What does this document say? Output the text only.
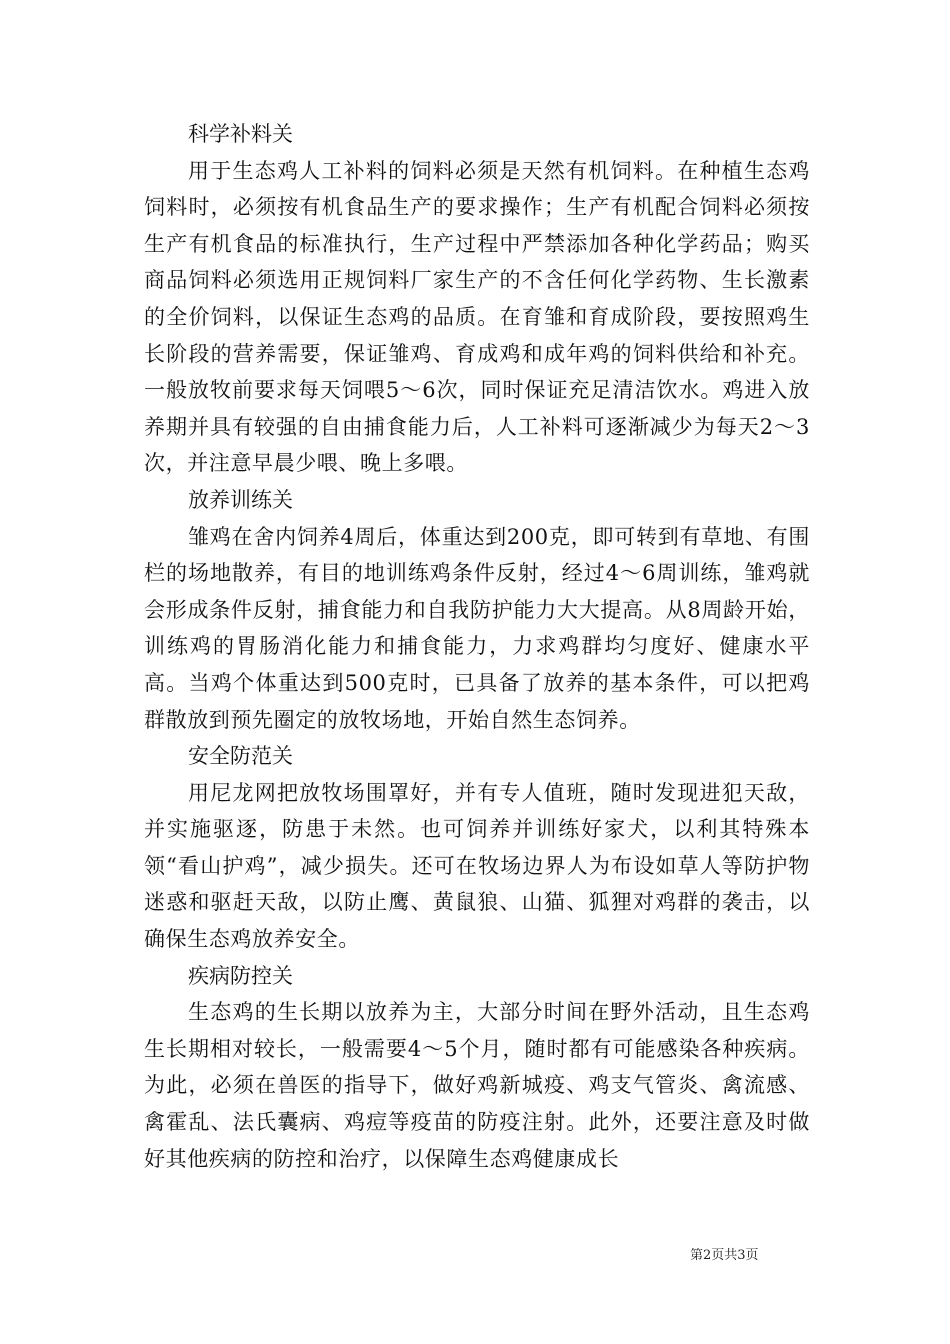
科学补料关

用于生态鸡人工补料的饲料必须是天然有机饲料。在种植生态鸡饲料时，必须按有机食品生产的要求操作；生产有机配合饲料必须按生产有机食品的标准执行，生产过程中严禁添加各种化学药品；购买商品饲料必须选用正规饲料厂家生产的不含任何化学药物、生长激素的全价饲料，以保证生态鸡的品质。在育雏和育成阶段，要按照鸡生长阶段的营养需要，保证雏鸡、育成鸡和成年鸡的饲料供给和补充。一般放牧前要求每天饲喂5～6次，同时保证充足清洁饮水。鸡进入放养期并具有较强的自由捕食能力后，人工补料可逐渐减少为每天2～3次，并注意早晨少喂、晚上多喂。

放养训练关

雏鸡在舍内饲养4周后，体重达到200克，即可转到有草地、有围栏的场地散养，有目的地训练鸡条件反射，经过4～6周训练，雏鸡就会形成条件反射，捕食能力和自我防护能力大大提高。从8周龄开始，训练鸡的胃肠消化能力和捕食能力，力求鸡群均匀度好、健康水平高。当鸡个体重达到500克时，已具备了放养的基本条件，可以把鸡群散放到预先圈定的放牧场地，开始自然生态饲养。

安全防范关

用尼龙网把放牧场围罩好，并有专人值班，随时发现进犯天敌，并实施驱逐，防患于未然。也可饲养并训练好家犬，以利其特殊本领“看山护鸡”，减少损失。还可在牧场边界人为布设如草人等防护物迷惑和驱赶天敌，以防止鹰、黄鼠狼、山猫、狐狸对鸡群的袭击，以确保生态鸡放养安全。

疾病防控关

生态鸡的生长期以放养为主，大部分时间在野外活动，且生态鸡生长期相对较长，一般需要4～5个月，随时都有可能感染各种疾病。为此，必须在兽医的指导下，做好鸡新城疫、鸡支气管炎、禽流感、禽霍乱、法氏囊病、鸡痘等疫苗的防疫注射。此外，还要注意及时做好其他疾病的防控和治疗，以保障生态鸡健康成长

第2页共3页
